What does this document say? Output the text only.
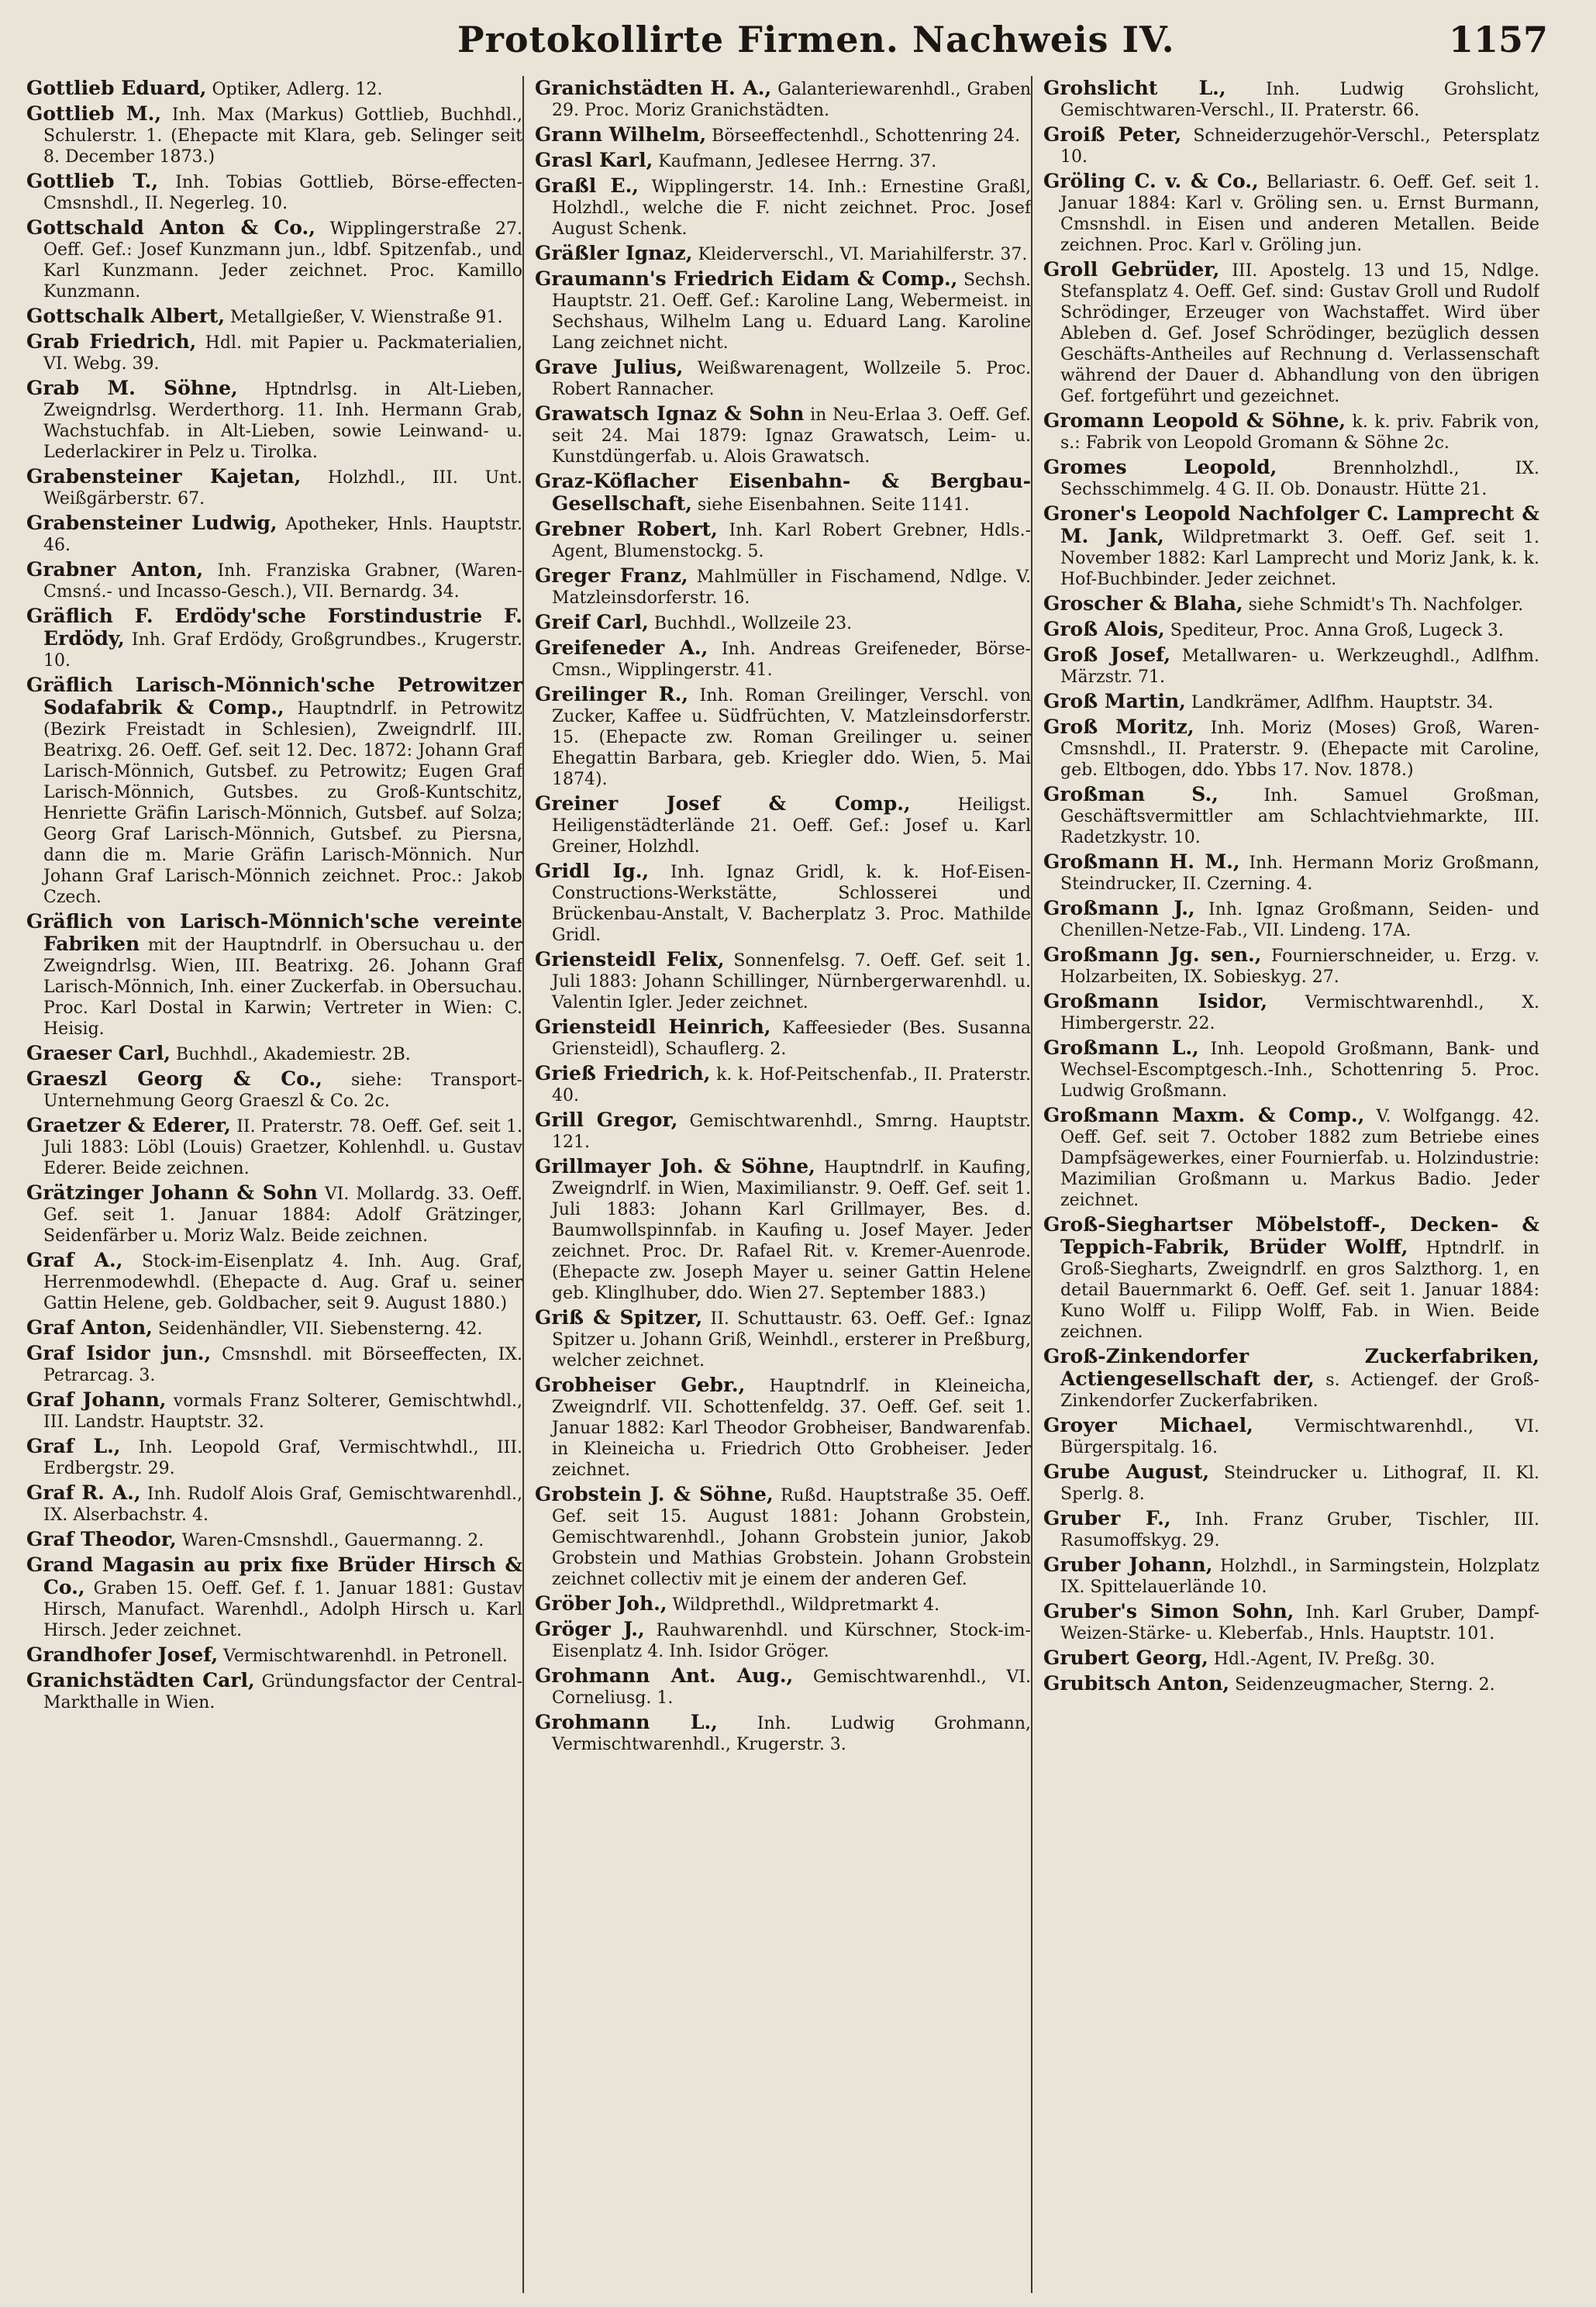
Protokollirte Firmen. Nachweis IV.	1157

Gottlieb Eduard, Optiker, Adlerg. 12.

Gottlieb M., Inh. Max (Markus) Gottlieb, Buchhdl., Schulerstr. 1. (Ehepacte mit Klara, geb. Selinger seit 8. December 1873.)

Gottlieb T., Inh. Tobias Gottlieb, Börse-effecten-Cmsnshdl., II. Negerleg. 10.

Gottschald Anton & Co., Wipplingerstraße 27. Oeff. Gef.: Josef Kunzmann jun., ldbf. Spitzenfab., und Karl Kunzmann. Jeder zeichnet. Proc. Kamillo Kunzmann.

Gottschalk Albert, Metallgießer, V. Wienstraße 91.

Grab Friedrich, Hdl. mit Papier u. Packmaterialien, VI. Webg. 39.

Grab M. Söhne, Hptndrlsg. in Alt-Lieben, Zweigndrlsg. Werderthorg. 11. Inh. Hermann Grab, Wachstuchfab. in Alt-Lieben, sowie Leinwand- u. Lederlackirer in Pelz u. Tirolka.

Grabensteiner Kajetan, Holzhdl., III. Unt. Weißgärberstr. 67.

Grabensteiner Ludwig, Apotheker, Hnls. Hauptstr. 46.

Grabner Anton, Inh. Franziska Grabner, (Waren-Cmsnś.- und Incasso-Gesch.), VII. Bernardg. 34.

Gräflich F. Erdödy'sche Forstindustrie F. Erdödy, Inh. Graf Erdödy, Großgrundbes., Krugerstr. 10.

Gräflich Larisch-Mönnich'sche Petrowitzer Sodafabrik & Comp., Hauptndrlf. in Petrowitz (Bezirk Freistadt in Schlesien), Zweigndrlf. III. Beatrixg. 26. Oeff. Gef. seit 12. Dec. 1872: Johann Graf Larisch-Mönnich, Gutsbef. zu Petrowitz; Eugen Graf Larisch-Mönnich, Gutsbes. zu Groß-Kuntschitz, Henriette Gräfin Larisch-Mönnich, Gutsbef. auf Solza; Georg Graf Larisch-Mönnich, Gutsbef. zu Piersna, dann die m. Marie Gräfin Larisch-Mönnich. Nur Johann Graf Larisch-Mönnich zeichnet. Proc.: Jakob Czech.

Gräflich von Larisch-Mönnich'sche vereinte Fabriken mit der Hauptndrlf. in Obersuchau u. der Zweigndrlsg. Wien, III. Beatrixg. 26. Johann Graf Larisch-Mönnich, Inh. einer Zuckerfab. in Obersuchau. Proc. Karl Dostal in Karwin; Vertreter in Wien: C. Heisig.

Graeser Carl, Buchhdl., Akademiestr. 2B.

Graeszl Georg & Co., siehe: Transport-Unternehmung Georg Graeszl & Co. 2c.

Graetzer & Ederer, II. Praterstr. 78. Oeff. Gef. seit 1. Juli 1883: Löbl (Louis) Graetzer, Kohlenhdl. u. Gustav Ederer. Beide zeichnen.

Grätzinger Johann & Sohn VI. Mollardg. 33. Oeff. Gef. seit 1. Januar 1884: Adolf Grätzinger, Seidenfärber u. Moriz Walz. Beide zeichnen.

Graf A., Stock-im-Eisenplatz 4. Inh. Aug. Graf, Herrenmodewhdl. (Ehepacte d. Aug. Graf u. seiner Gattin Helene, geb. Goldbacher, seit 9. August 1880.)

Graf Anton, Seidenhändler, VII. Siebensterng. 42.

Graf Isidor jun., Cmsnshdl. mit Börseeffecten, IX. Petrarcag. 3.

Graf Johann, vormals Franz Solterer, Gemischtwhdl., III. Landstr. Hauptstr. 32.

Graf L., Inh. Leopold Graf, Vermischtwhdl., III. Erdbergstr. 29.

Graf R. A., Inh. Rudolf Alois Graf, Gemischtwarenhdl., IX. Alserbachstr. 4.

Graf Theodor, Waren-Cmsnshdl., Gauermanng. 2.

Grand Magasin au prix fixe Brüder Hirsch & Co., Graben 15. Oeff. Gef. f. 1. Januar 1881: Gustav Hirsch, Manufact. Warenhdl., Adolph Hirsch u. Karl Hirsch. Jeder zeichnet.

Grandhofer Josef, Vermischtwarenhdl. in Petronell.

Granichstädten Carl, Gründungsfactor der Central-Markthalle in Wien.

Granichstädten H. A., Galanteriewarenhdl., Graben 29. Proc. Moriz Granichstädten.

Grann Wilhelm, Börseeffectenhdl., Schottenring 24.

Grasl Karl, Kaufmann, Jedlesee Herrng. 37.

Graßl E., Wipplingerstr. 14. Inh.: Ernestine Graßl, Holzhdl., welche die F. nicht zeichnet. Proc. Josef August Schenk.

Gräßler Ignaz, Kleiderverschl., VI. Mariahilferstr. 37.

Graumann's Friedrich Eidam & Comp., Sechsh. Hauptstr. 21. Oeff. Gef.: Karoline Lang, Webermeist. in Sechshaus, Wilhelm Lang u. Eduard Lang. Karoline Lang zeichnet nicht.

Grave Julius, Weißwarenagent, Wollzeile 5. Proc. Robert Rannacher.

Grawatsch Ignaz & Sohn in Neu-Erlaa 3. Oeff. Gef. seit 24. Mai 1879: Ignaz Grawatsch, Leim- u. Kunstdüngerfab. u. Alois Grawatsch.

Graz-Köflacher Eisenbahn- & Bergbau-Gesellschaft, siehe Eisenbahnen. Seite 1141.

Grebner Robert, Inh. Karl Robert Grebner, Hdls.-Agent, Blumenstockg. 5.

Greger Franz, Mahlmüller in Fischamend, Ndlge. V. Matzleinsdorferstr. 16.

Greif Carl, Buchhdl., Wollzeile 23.

Greifeneder A., Inh. Andreas Greifeneder, Börse-Cmsn., Wipplingerstr. 41.

Greilinger R., Inh. Roman Greilinger, Verschl. von Zucker, Kaffee u. Südfrüchten, V. Matzleinsdorferstr. 15. (Ehepacte zw. Roman Greilinger u. seiner Ehegattin Barbara, geb. Kriegler ddo. Wien, 5. Mai 1874).

Greiner Josef & Comp.,	Heiligst. Heiligenstädterlände 21. Oeff. Gef.: Josef u. Karl Greiner, Holzhdl.

Gridl Ig., Inh. Ignaz Gridl, k. k. Hof-Eisen-Constructions-Werkstätte, Schlosserei und Brückenbau-Anstalt, V. Bacherplatz 3. Proc. Mathilde Gridl.

Griensteidl Felix, Sonnenfelsg. 7. Oeff. Gef. seit 1. Juli 1883: Johann Schillinger, Nürnbergerwarenhdl. u. Valentin Igler. Jeder zeichnet.

Griensteidl Heinrich, Kaffeesieder (Bes. Susanna Griensteidl), Schauflerg. 2.

Grieß Friedrich, k. k. Hof-Peitschenfab., II. Praterstr. 40.

Grill Gregor, Gemischtwarenhdl., Smrng. Hauptstr. 121.

Grillmayer Joh. & Söhne, Hauptndrlf. in Kaufing, Zweigndrlf. in Wien, Maximilianstr. 9. Oeff. Gef. seit 1. Juli 1883: Johann Karl Grillmayer, Bes. d. Baumwollspinnfab. in Kaufing u. Josef Mayer. Jeder zeichnet. Proc. Dr. Rafael Rit. v. Kremer-Auenrode. (Ehepacte zw. Joseph Mayer u. seiner Gattin Helene geb. Klinglhuber, ddo. Wien 27. September 1883.)

Griß & Spitzer, II. Schuttaustr. 63. Oeff. Gef.: Ignaz Spitzer u. Johann Griß, Weinhdl., ersterer in Preßburg, welcher zeichnet.

Grobheiser Gebr., Hauptndrlf. in Kleineicha, Zweigndrlf. VII. Schottenfeldg. 37. Oeff. Gef. seit 1. Januar 1882: Karl Theodor Grobheiser, Bandwarenfab. in Kleineicha u. Friedrich Otto Grobheiser. Jeder zeichnet.

Grobstein J. & Söhne, Rußd. Hauptstraße 35. Oeff. Gef. seit 15. August 1881: Johann Grobstein, Gemischtwarenhdl., Johann Grobstein junior, Jakob Grobstein und Mathias Grobstein. Johann Grobstein zeichnet collectiv mit je einem der anderen Gef.

Gröber Joh., Wildprethdl., Wildpretmarkt 4.

Gröger J., Rauhwarenhdl. und Kürschner, Stock-im-Eisenplatz 4. Inh. Isidor Gröger.

Grohmann Ant. Aug., Gemischtwarenhdl., VI. Corneliusg. 1.

Grohmann L., Inh. Ludwig Grohmann, Vermischtwarenhdl., Krugerstr. 3.

Grohslicht L., Inh. Ludwig Grohslicht, Gemischtwaren-Verschl., II. Praterstr. 66.

Groiß Peter, Schneiderzugehör-Verschl., Petersplatz 10.

Gröling C. v. & Co., Bellariastr. 6. Oeff. Gef. seit 1. Januar 1884: Karl v. Gröling sen. u. Ernst Burmann, Cmsnshdl. in Eisen und anderen Metallen. Beide zeichnen. Proc. Karl v. Gröling jun.

Groll Gebrüder, III. Apostelg. 13 und 15, Ndlge. Stefansplatz 4. Oeff. Gef. sind: Gustav Groll und Rudolf Schrödinger, Erzeuger von Wachstaffet. Wird über Ableben d. Gef. Josef Schrödinger, bezüglich dessen Geschäfts-Antheiles auf Rechnung d. Verlassenschaft während der Dauer d. Abhandlung von den übrigen Gef. fortgeführt und gezeichnet.

Gromann Leopold & Söhne, k. k. priv. Fabrik von, s.: Fabrik von Leopold Gromann & Söhne 2c.

Gromes Leopold,	Brennholzhdl., IX. Sechsschimmelg. 4 G. II. Ob. Donaustr. Hütte 21.

Groner's Leopold Nachfolger C. Lamprecht & M. Jank, Wildpretmarkt 3. Oeff. Gef. seit 1. November 1882: Karl Lamprecht und Moriz Jank, k. k. Hof-Buchbinder. Jeder zeichnet.

Groscher & Blaha, siehe Schmidt's Th. Nachfolger.

Groß Alois, Spediteur, Proc. Anna Groß, Lugeck 3.

Groß Josef, Metallwaren- u. Werkzeughdl., Adlfhm. Märzstr. 71.

Groß Martin, Landkrämer, Adlfhm. Hauptstr. 34.

Groß Moritz, Inh. Moriz (Moses) Groß, Waren-Cmsnshdl., II. Praterstr. 9. (Ehepacte mit Caroline, geb. Eltbogen, ddo. Ybbs 17. Nov. 1878.)

Großman S.,	Inh. Samuel Großman, Geschäftsvermittler am Schlachtviehmarkte, III. Radetzkystr. 10.

Großmann H. M., Inh. Hermann Moriz Großmann, Steindrucker, II. Czerning. 4.

Großmann J., Inh. Ignaz Großmann, Seiden- und Chenillen-Netze-Fab., VII. Lindeng. 17A.

Großmann Jg. sen., Fournierschneider, u. Erzg. v. Holzarbeiten, IX. Sobieskyg. 27.

Großmann Isidor, Vermischtwarenhdl., X. Himbergerstr. 22.

Großmann L., Inh. Leopold Großmann, Bank- und Wechsel-Escomptgesch.-Inh., Schottenring 5. Proc. Ludwig Großmann.

Großmann Maxm. & Comp., V. Wolfgangg. 42. Oeff. Gef. seit 7. October 1882 zum Betriebe eines Dampfsägewerkes, einer Fournierfab. u. Holzindustrie: Mazimilian Großmann u. Markus Badio. Jeder zeichnet.

Groß-Sieghartser Möbelstoff-, Decken- & Teppich-Fabrik, Brüder Wolff, Hptndrlf. in Groß-Siegharts, Zweigndrlf. en gros Salzthorg. 1, en detail Bauernmarkt 6. Oeff. Gef. seit 1. Januar 1884: Kuno Wolff u. Filipp Wolff, Fab. in Wien. Beide zeichnen.

Groß-Zinkendorfer Zuckerfabriken, Actiengesellschaft der, s. Actiengef. der Groß-Zinkendorfer Zuckerfabriken.

Groyer Michael, Vermischtwarenhdl., VI. Bürgerspitalg. 16.

Grube August, Steindrucker u. Lithograf, II. Kl. Sperlg. 8.

Gruber F., Inh. Franz Gruber, Tischler, III. Rasumoffskyg. 29.

Gruber Johann, Holzhdl., in Sarmingstein, Holzplatz IX. Spittelauerlände 10.

Gruber's Simon Sohn, Inh. Karl Gruber, Dampf-Weizen-Stärke- u. Kleberfab., Hnls. Hauptstr. 101.

Grubert Georg, Hdl.-Agent, IV. Preßg. 30.

Grubitsch Anton, Seidenzeugmacher, Sterng. 2.
